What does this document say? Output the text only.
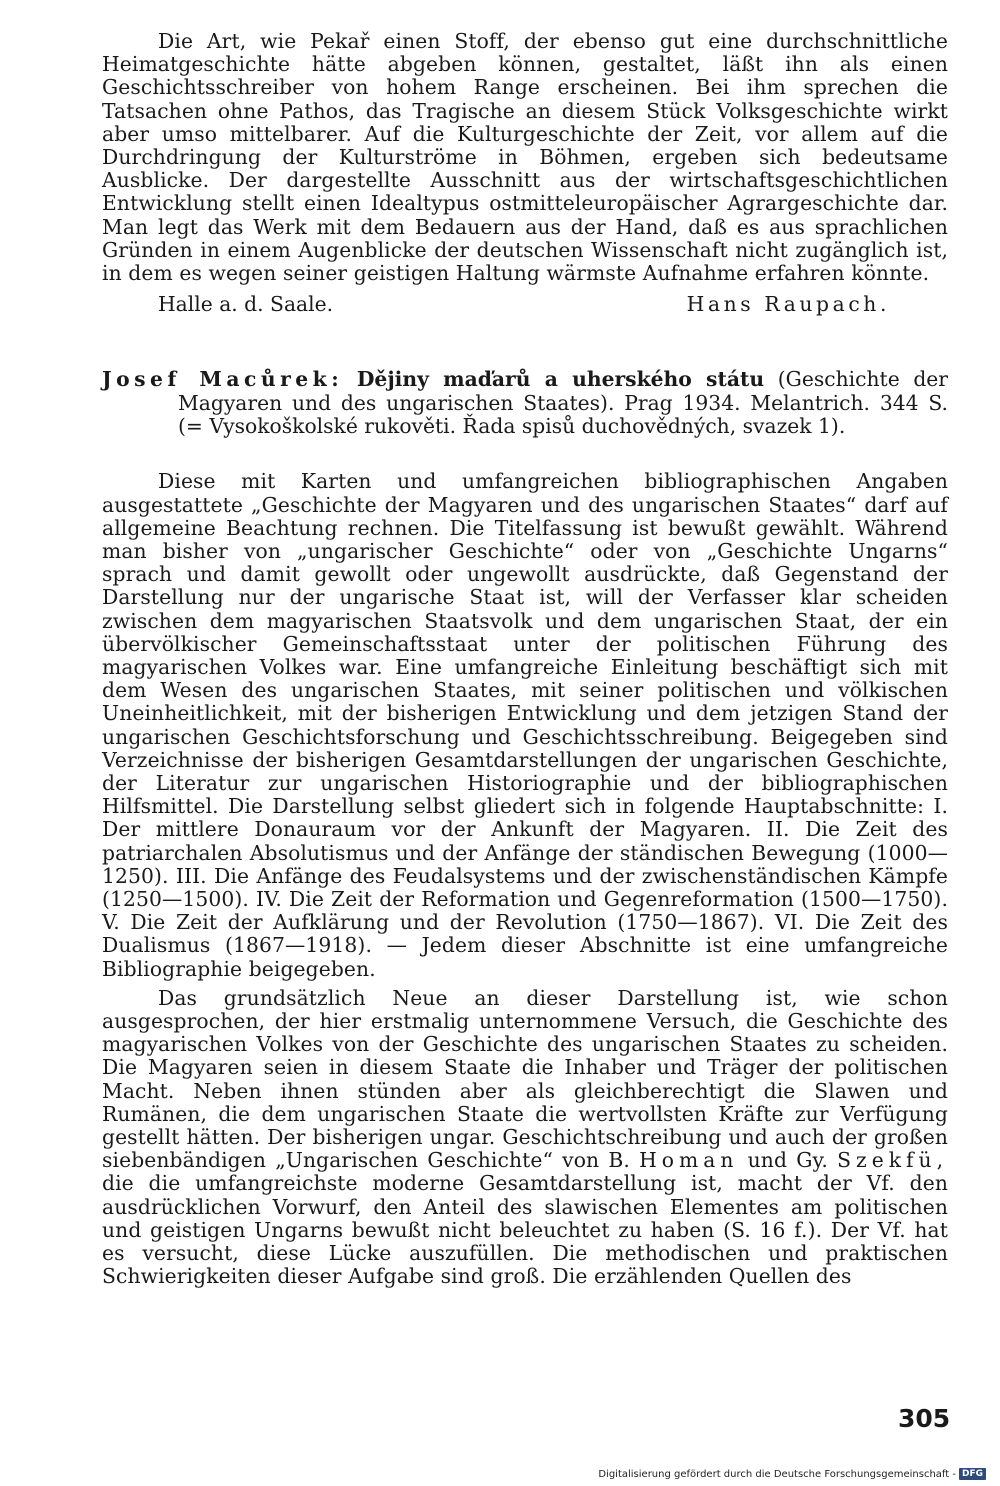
Die Art, wie Pekař einen Stoff, der ebenso gut eine durchschnittliche Heimatgeschichte hätte abgeben können, gestaltet, läßt ihn als einen Geschichtsschreiber von hohem Range erscheinen. Bei ihm sprechen die Tatsachen ohne Pathos, das Tragische an diesem Stück Volksgeschichte wirkt aber umso mittelbarer. Auf die Kulturgeschichte der Zeit, vor allem auf die Durchdringung der Kulturströme in Böhmen, ergeben sich bedeutsame Ausblicke. Der dargestellte Ausschnitt aus der wirtschaftsgeschichtlichen Entwicklung stellt einen Idealtypus ostmitteleuropäischer Agrargeschichte dar. Man legt das Werk mit dem Bedauern aus der Hand, daß es aus sprachlichen Gründen in einem Augenblicke der deutschen Wissenschaft nicht zugänglich ist, in dem es wegen seiner geistigen Haltung wärmste Aufnahme erfahren könnte.

Halle a. d. Saale.	Hans Raupach.

Josef Macůrek: Dějiny maďarů a uherského státu (Geschichte der Magyaren und des ungarischen Staates). Prag 1934. Melantrich. 344 S. (= Vysokoškolské rukověti. Řada spisů duchovědných, svazek 1).

Diese mit Karten und umfangreichen bibliographischen Angaben ausgestattete „Geschichte der Magyaren und des ungarischen Staates“ darf auf allgemeine Beachtung rechnen. Die Titelfassung ist bewußt gewählt. Während man bisher von „ungarischer Geschichte“ oder von „Geschichte Ungarns“ sprach und damit gewollt oder ungewollt ausdrückte, daß Gegenstand der Darstellung nur der ungarische Staat ist, will der Verfasser klar scheiden zwischen dem magyarischen Staatsvolk und dem ungarischen Staat, der ein übervölkischer Gemeinschaftsstaat unter der politischen Führung des magyarischen Volkes war. Eine umfangreiche Einleitung beschäftigt sich mit dem Wesen des ungarischen Staates, mit seiner politischen und völkischen Uneinheitlichkeit, mit der bisherigen Entwicklung und dem jetzigen Stand der ungarischen Geschichtsforschung und Geschichtsschreibung. Beigegeben sind Verzeichnisse der bisherigen Gesamtdarstellungen der ungarischen Geschichte, der Literatur zur ungarischen Historiographie und der bibliographischen Hilfsmittel. Die Darstellung selbst gliedert sich in folgende Hauptabschnitte: I. Der mittlere Donauraum vor der Ankunft der Magyaren. II. Die Zeit des patriarchalen Absolutismus und der Anfänge der ständischen Bewegung (1000—1250). III. Die Anfänge des Feudalsystems und der zwischenständischen Kämpfe (1250—1500). IV. Die Zeit der Reformation und Gegenreformation (1500—1750). V. Die Zeit der Aufklärung und der Revolution (1750—1867). VI. Die Zeit des Dualismus (1867—1918). — Jedem dieser Abschnitte ist eine umfangreiche Bibliographie beigegeben.

Das grundsätzlich Neue an dieser Darstellung ist, wie schon ausgesprochen, der hier erstmalig unternommene Versuch, die Geschichte des magyarischen Volkes von der Geschichte des ungarischen Staates zu scheiden. Die Magyaren seien in diesem Staate die Inhaber und Träger der politischen Macht. Neben ihnen stünden aber als gleichberechtigt die Slawen und Rumänen, die dem ungarischen Staate die wertvollsten Kräfte zur Verfügung gestellt hätten. Der bisherigen ungar. Geschichtschreibung und auch der großen siebenbändigen „Ungarischen Geschichte“ von B. Homan und Gy. Szekfü, die die umfangreichste moderne Gesamtdarstellung ist, macht der Vf. den ausdrücklichen Vorwurf, den Anteil des slawischen Elementes am politischen und geistigen Ungarns bewußt nicht beleuchtet zu haben (S. 16 f.). Der Vf. hat es versucht, diese Lücke auszufüllen. Die methodischen und praktischen Schwierigkeiten dieser Aufgabe sind groß. Die erzählenden Quellen des

305
Digitalisierung gefördert durch die Deutsche Forschungsgemeinschaft - DFG
